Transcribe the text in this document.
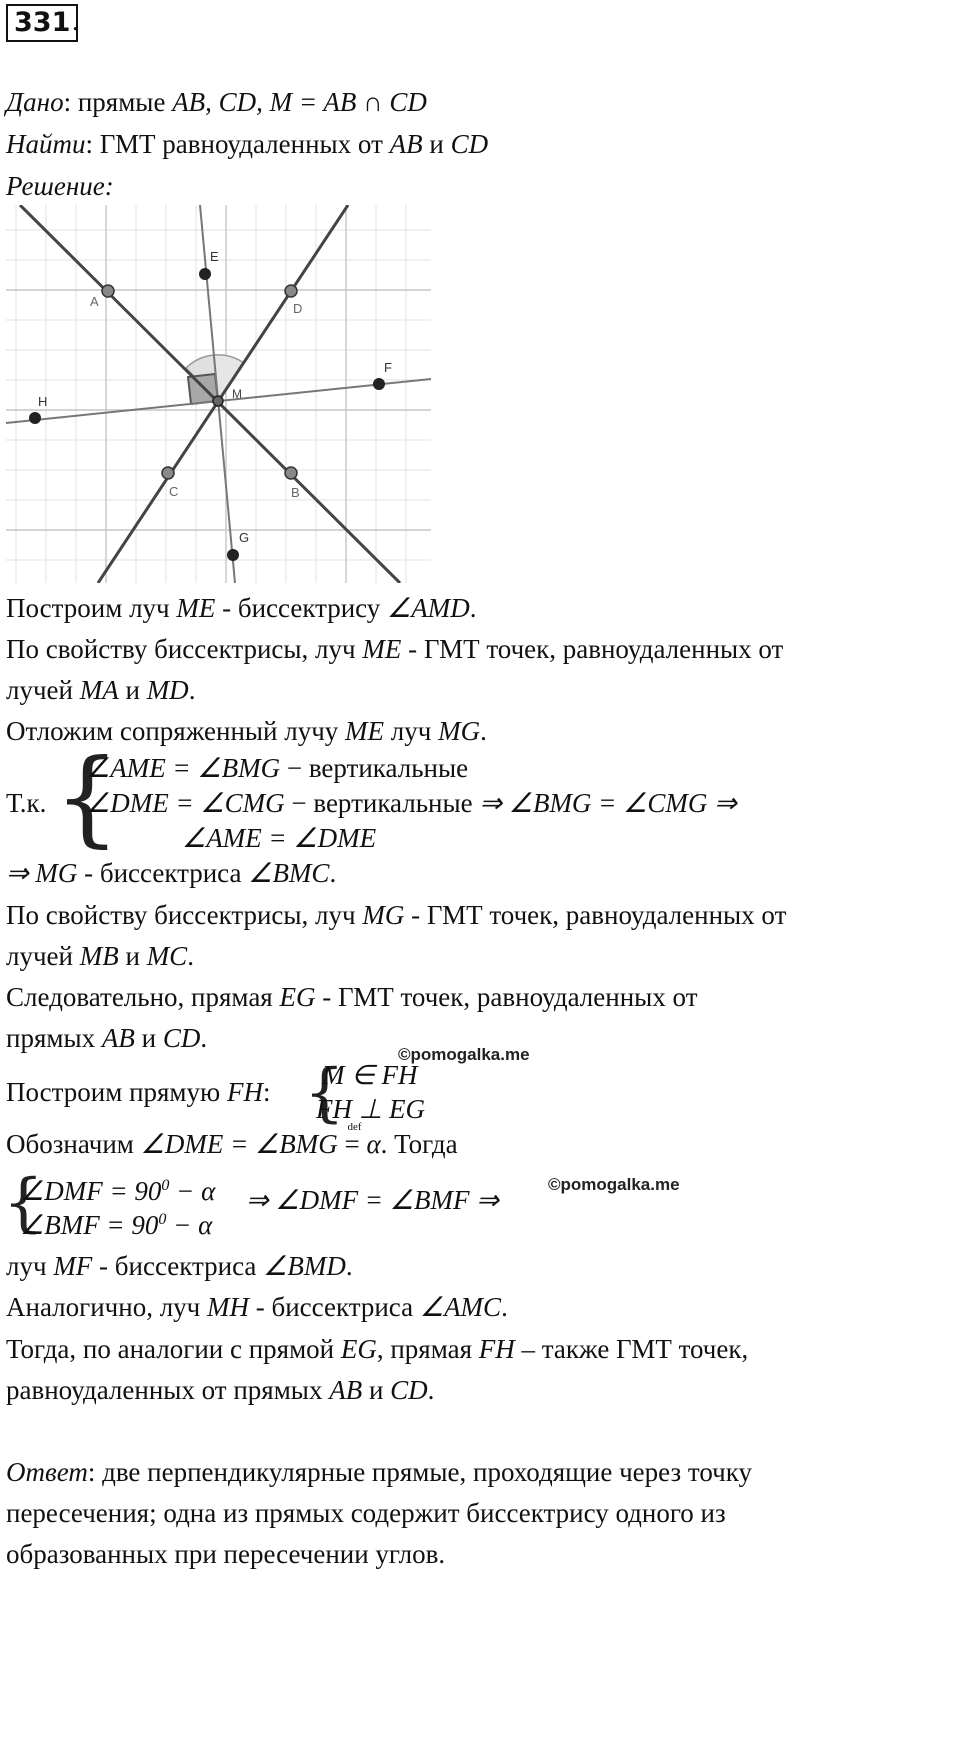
331 .
Дано: прямые AB, CD, M = AB ∩ CD
Найти: ГМТ равноудаленных от AB и CD
Решение:
A
B
C
D
E
F
G
H	M
Построим луч ME - биссектрису ∠AMD.
По свойству биссектрисы, луч ME - ГМТ точек, равноудаленных от
лучей MA и MD.
Отложим сопряженный лучу ME луч MG.
Т.к. {
∠AME = ∠BMG − вертикальные
∠DME = ∠CMG − вертикальные ⇒ ∠BMG = ∠CMG ⇒
∠AME = ∠DME
⇒ MG - биссектриса ∠BMC.
По свойству биссектрисы, луч MG - ГМТ точек, равноудаленных от
лучей MB и MC.
Следовательно, прямая EG - ГМТ точек, равноудаленных от
прямых AB и CD.
©pomogalka.me
Построим прямую FH: {
M ∈ FH
FH ⊥ EG
Обозначим ∠DME = ∠BMG
def
= α. Тогда
{
∠DMF = $90^0 - \alpha$
∠BMF = $90^0 - \alpha$
⇒ ∠DMF = ∠BMF ⇒
©pomogalka.me
луч MF - биссектриса ∠BMD.
Аналогично, луч MH - биссектриса ∠AMC.
Тогда, по аналогии с прямой EG, прямая FH – также ГМТ точек,
равноудаленных от прямых AB и CD.
Ответ: две перпендикулярные прямые, проходящие через точку
пересечения; одна из прямых содержит биссектрису одного из
образованных при пересечении углов.
